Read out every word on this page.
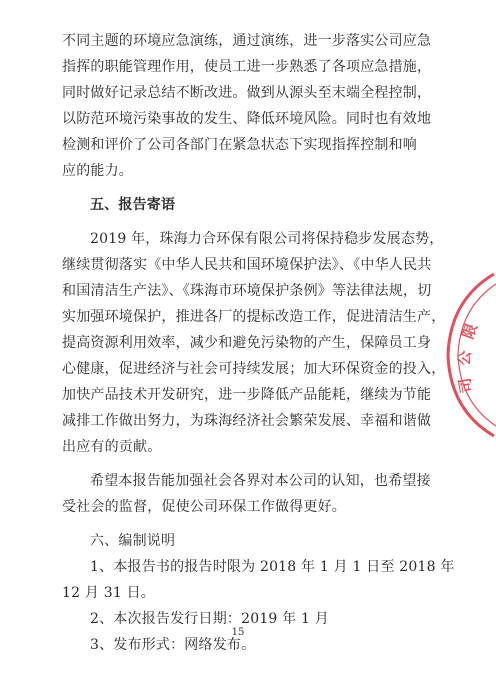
不同主题的环境应急演练，通过演练，进一步落实公司应急
指挥的职能管理作用，使员工进一步熟悉了各项应急措施，
同时做好记录总结不断改进。做到从源头至末端全程控制，
以防范环境污染事故的发生、降低环境风险。同时也有效地
检测和评价了公司各部门在紧急状态下实现指挥控制和响
应的能力。
五、报告寄语
2019 年，珠海力合环保有限公司将保持稳步发展态势，
继续贯彻落实《中华人民共和国环境保护法》、《中华人民共
和国清洁生产法》、《珠海市环境保护条例》等法律法规，切
实加强环境保护，推进各厂的提标改造工作，促进清洁生产，
提高资源利用效率，减少和避免污染物的产生，保障员工身
心健康，促进经济与社会可持续发展；加大环保资金的投入，
加快产品技术开发研究，进一步降低产品能耗，继续为节能
减排工作做出努力，为珠海经济社会繁荣发展、幸福和谐做
出应有的贡献。
希望本报告能加强社会各界对本公司的认知，也希望接
受社会的监督，促使公司环保工作做得更好。
六、编制说明
1、本报告书的报告时限为 2018 年 1 月 1 日至 2018 年
12 月 31 日。
2、本次报告发行日期：2019 年 1 月
3、发布形式：网络发布。
限
公
司
15
